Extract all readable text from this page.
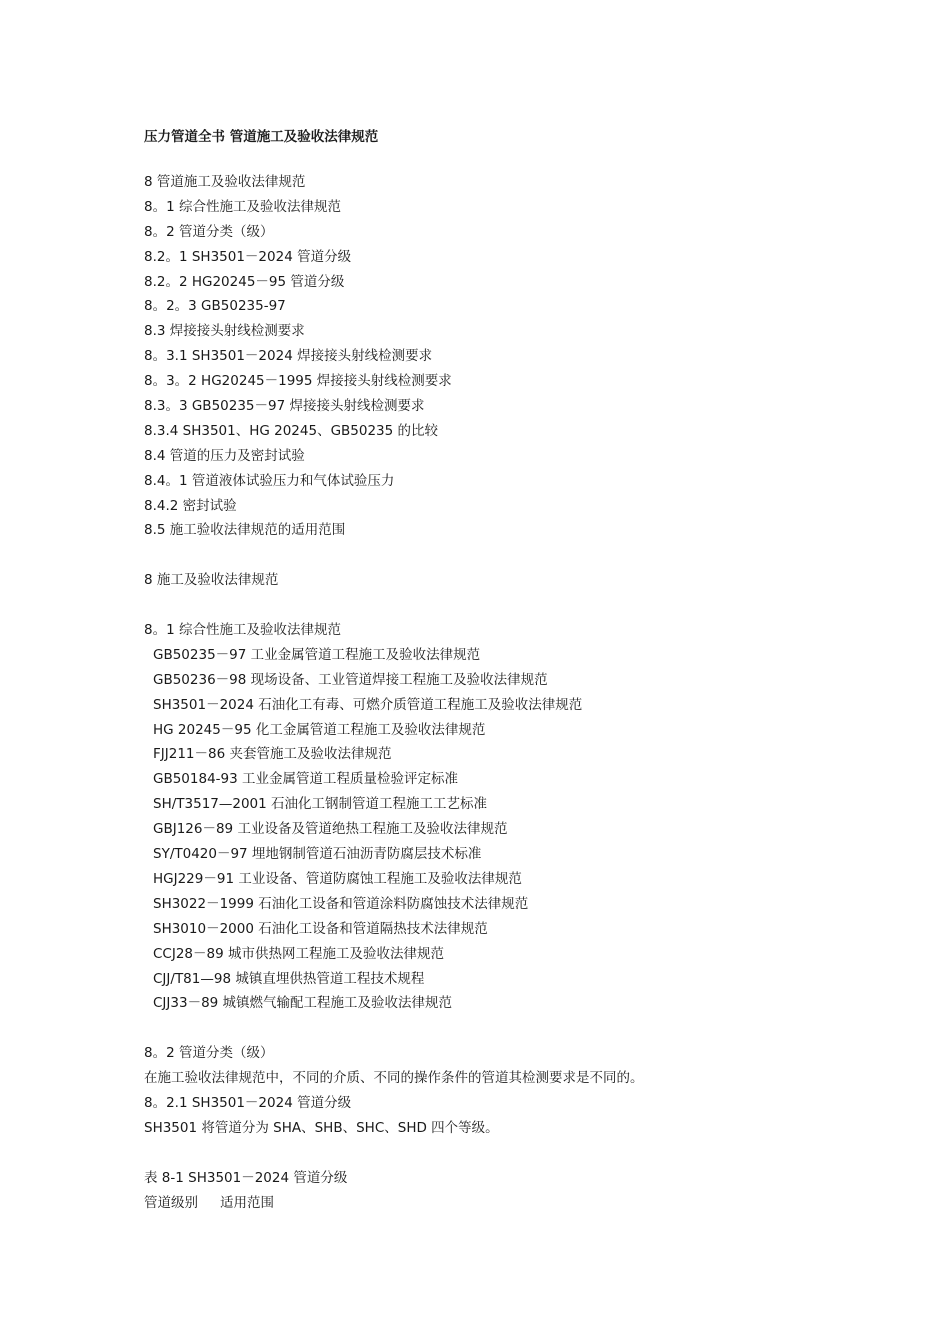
压力管道全书 管道施工及验收法律规范
8 管道施工及验收法律规范
8。1 综合性施工及验收法律规范
8。2 管道分类（级）
8.2。1 SH3501－2024 管道分级
8.2。2 HG20245－95 管道分级
8。2。3 GB50235-97
8.3 焊接接头射线检测要求
8。3.1 SH3501－2024 焊接接头射线检测要求
8。3。2 HG20245－1995 焊接接头射线检测要求
8.3。3 GB50235－97 焊接接头射线检测要求
8.3.4 SH3501、HG 20245、GB50235 的比较
8.4 管道的压力及密封试验
8.4。1 管道液体试验压力和气体试验压力
8.4.2 密封试验
8.5 施工验收法律规范的适用范围
8 施工及验收法律规范
8。1 综合性施工及验收法律规范
GB50235－97 工业金属管道工程施工及验收法律规范
GB50236－98 现场设备、工业管道焊接工程施工及验收法律规范
SH3501－2024 石油化工有毒、可燃介质管道工程施工及验收法律规范
HG 20245－95 化工金属管道工程施工及验收法律规范
FJJ211－86 夹套管施工及验收法律规范
GB50184-93 工业金属管道工程质量检验评定标准
SH/T3517—2001 石油化工钢制管道工程施工工艺标准
GBJ126－89 工业设备及管道绝热工程施工及验收法律规范
SY/T0420－97 埋地钢制管道石油沥青防腐层技术标准
HGJ229－91 工业设备、管道防腐蚀工程施工及验收法律规范
SH3022－1999 石油化工设备和管道涂料防腐蚀技术法律规范
SH3010－2000 石油化工设备和管道隔热技术法律规范
CCJ28－89 城市供热网工程施工及验收法律规范
CJJ/T81—98 城镇直埋供热管道工程技术规程
CJJ33－89 城镇燃气输配工程施工及验收法律规范
8。2 管道分类（级）
在施工验收法律规范中，不同的介质、不同的操作条件的管道其检测要求是不同的。
8。2.1 SH3501－2024 管道分级
SH3501 将管道分为 SHA、SHB、SHC、SHD 四个等级。
表 8-1 SH3501－2024 管道分级
管道级别 适用范围
